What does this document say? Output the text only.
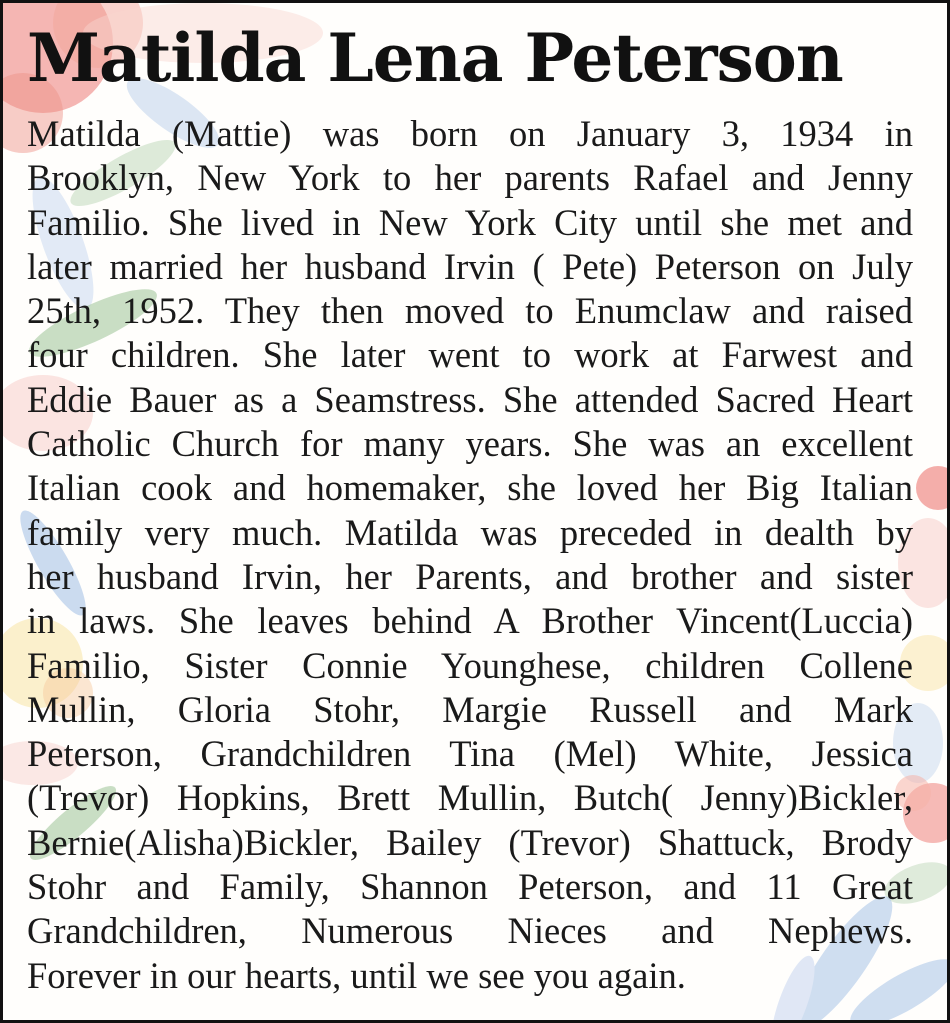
Matilda Lena Peterson
Matilda (Mattie) was born on January 3, 1934 in
Brooklyn, New York to her parents Rafael and Jenny
Familio. She lived in New York City until she met and
later married her husband Irvin ( Pete) Peterson on July
25th, 1952. They then moved to Enumclaw and raised
four children. She later went to work at Farwest and
Eddie Bauer as a Seamstress. She attended Sacred Heart
Catholic Church for many years. She was an excellent
Italian cook and homemaker, she loved her Big Italian
family very much. Matilda was preceded in dealth by
her husband Irvin, her Parents, and brother and sister
in laws. She leaves behind A Brother Vincent(Luccia)
Familio, Sister Connie Younghese, children Collene
Mullin, Gloria Stohr, Margie Russell and Mark
Peterson, Grandchildren Tina (Mel) White, Jessica
(Trevor) Hopkins, Brett Mullin, Butch( Jenny)Bickler,
Bernie(Alisha)Bickler, Bailey (Trevor) Shattuck, Brody
Stohr and Family, Shannon Peterson, and 11 Great
Grandchildren, Numerous Nieces and Nephews.
Forever in our hearts, until we see you again.
